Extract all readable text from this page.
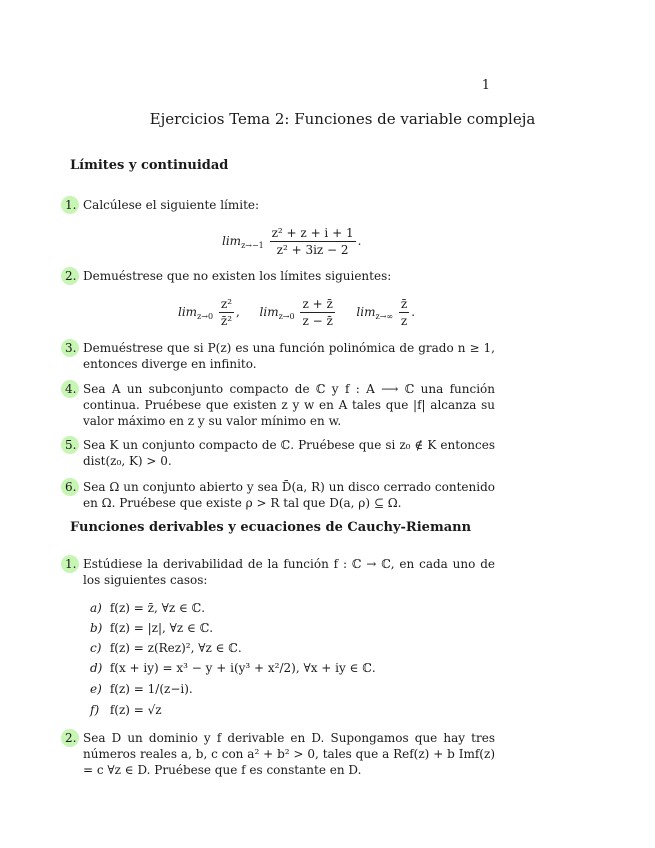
1
Ejercicios Tema 2: Funciones de variable compleja
Límites y continuidad
1. Calcúlese el siguiente límite:
$\lim_{z\to-1} \frac{\text{z² + z + i + 1}}{\text{z² + 3iz − 2}}$ .
2. Demuéstrese que no existen los límites siguientes:
$\lim_{z\to 0} \frac{\text{z²}}{\text{z̄²}}$ , $\lim_{z\to 0} \frac{z + z̄}{z - z̄} \lim_{z\to\infty} \frac{z̄}{z}$ .
3. Demuéstrese que si P(z) es una función polinómica de grado n ≥ 1, entonces diverge en infinito.
4. Sea A un subconjunto compacto de ℂ y f : A ⟶ ℂ una función continua. Pruébese que existen z y w en A tales que |f| alcanza su valor máximo en z y su valor mínimo en w.
5. Sea K un conjunto compacto de ℂ. Pruébese que si z₀ ∉ K entonces dist(z₀, K) > 0.
6. Sea Ω un conjunto abierto y sea D̄(a, R) un disco cerrado contenido en Ω. Pruébese que existe ρ > R tal que D(a, ρ) ⊆ Ω.
Funciones derivables y ecuaciones de Cauchy-Riemann
1. Estúdiese la derivabilidad de la función f : ℂ → ℂ, en cada uno de los siguientes casos:
a) f(z) = z̄, ∀z ∈ ℂ.
b) f(z) = |z|, ∀z ∈ ℂ.
c) f(z) = z(Rez)², ∀z ∈ ℂ.
d) f(x + iy) = x³ − y + i(y³ + x²/2), ∀x + iy ∈ ℂ.
e) f(z) = 1/(z−i).
f) f(z) = √z
2. Sea D un dominio y f derivable en D. Supongamos que hay tres números reales a, b, c con a² + b² > 0, tales que a Ref(z) + b Imf(z) = c ∀z ∈ D. Pruébese que f es constante en D.
